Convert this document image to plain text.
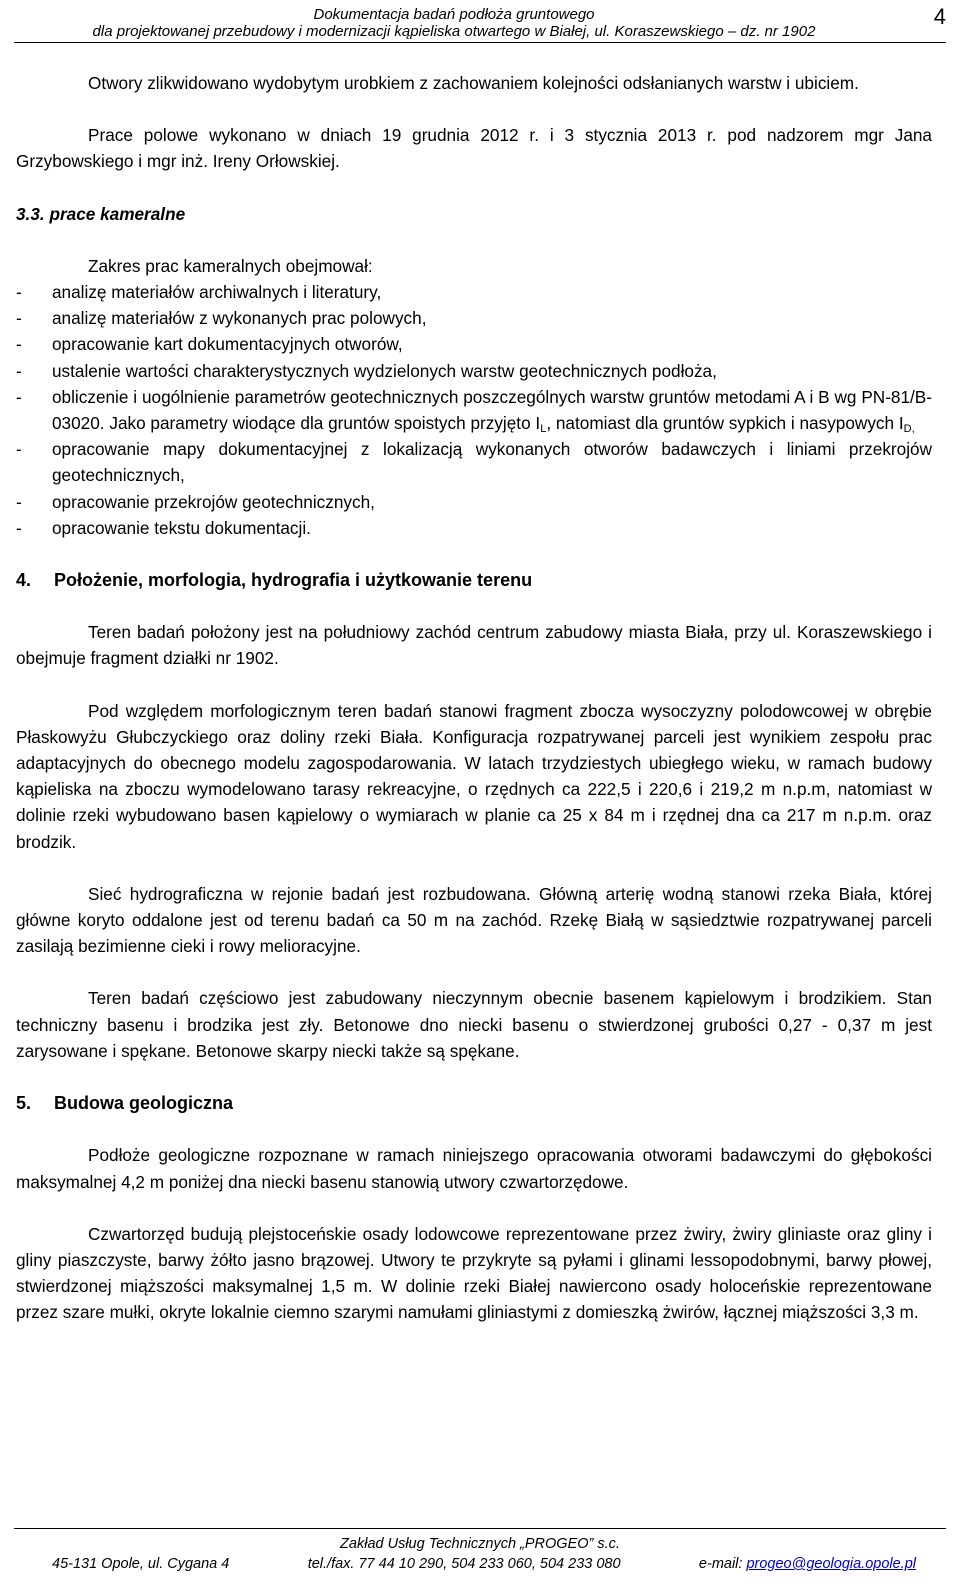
Dokumentacja badań podłoża gruntowego
dla projektowanej przebudowy i modernizacji kąpieliska otwartego w Białej, ul. Koraszewskiego – dz. nr 1902
4

Otwory zlikwidowano wydobytym urobkiem z zachowaniem kolejności odsłanianych warstw i ubiciem.

Prace polowe wykonano w dniach 19 grudnia 2012 r. i 3 stycznia 2013 r. pod nadzorem mgr Jana Grzybowskiego i mgr inż. Ireny Orłowskiej.

3.3. prace kameralne

Zakres prac kameralnych obejmował:

- analizę materiałów archiwalnych i literatury,
- analizę materiałów z wykonanych prac polowych,
- opracowanie kart dokumentacyjnych otworów,
- ustalenie wartości charakterystycznych wydzielonych warstw geotechnicznych podłoża,
- obliczenie i uogólnienie parametrów geotechnicznych poszczególnych warstw gruntów metodami A i B wg PN-81/B-03020. Jako parametry wiodące dla gruntów spoistych przyjęto $I_L$, natomiast dla gruntów sypkich i nasypowych $I_{D,}$
- opracowanie mapy dokumentacyjnej z lokalizacją wykonanych otworów badawczych i liniami przekrojów geotechnicznych,
- opracowanie przekrojów geotechnicznych,
- opracowanie tekstu dokumentacji.

4. Położenie, morfologia, hydrografia i użytkowanie terenu

Teren badań położony jest na południowy zachód centrum zabudowy miasta Biała, przy ul. Koraszewskiego i obejmuje fragment działki nr 1902.

Pod względem morfologicznym teren badań stanowi fragment zbocza wysoczyzny polodowcowej w obrębie Płaskowyżu Głubczyckiego oraz doliny rzeki Biała. Konfiguracja rozpatrywanej parceli jest wynikiem zespołu prac adaptacyjnych do obecnego modelu zagospodarowania. W latach trzydziestych ubiegłego wieku, w ramach budowy kąpieliska na zboczu wymodelowano tarasy rekreacyjne, o rzędnych ca 222,5 i 220,6 i 219,2 m n.p.m, natomiast w dolinie rzeki wybudowano basen kąpielowy o wymiarach w planie ca 25 x 84 m i rzędnej dna ca 217 m n.p.m. oraz brodzik.

Sieć hydrograficzna w rejonie badań jest rozbudowana. Główną arterię wodną stanowi rzeka Biała, której główne koryto oddalone jest od terenu badań ca 50 m na zachód. Rzekę Białą w sąsiedztwie rozpatrywanej parceli zasilają bezimienne cieki i rowy melioracyjne.

Teren badań częściowo jest zabudowany nieczynnym obecnie basenem kąpielowym i brodzikiem. Stan techniczny basenu i brodzika jest zły. Betonowe dno niecki basenu o stwierdzonej grubości 0,27 - 0,37 m jest zarysowane i spękane. Betonowe skarpy niecki także są spękane.

5. Budowa geologiczna

Podłoże geologiczne rozpoznane w ramach niniejszego opracowania otworami badawczymi do głębokości maksymalnej 4,2 m poniżej dna niecki basenu stanowią utwory czwartorzędowe.

Czwartorzęd budują plejstoceńskie osady lodowcowe reprezentowane przez żwiry, żwiry gliniaste oraz gliny i gliny piaszczyste, barwy żółto jasno brązowej. Utwory te przykryte są pyłami i glinami lessopodobnymi, barwy płowej, stwierdzonej miąższości maksymalnej 1,5 m. W dolinie rzeki Białej nawiercono osady holoceńskie reprezentowane przez szare mułki, okryte lokalnie ciemno szarymi namułami gliniastymi z domieszką żwirów, łącznej miąższości 3,3 m.

Zakład Usług Technicznych „PROGEO” s.c.
45-131 Opole, ul. Cygana 4	tel./fax. 77 44 10 290, 504 233 060, 504 233 080	e-mail: progeo@geologia.opole.pl
